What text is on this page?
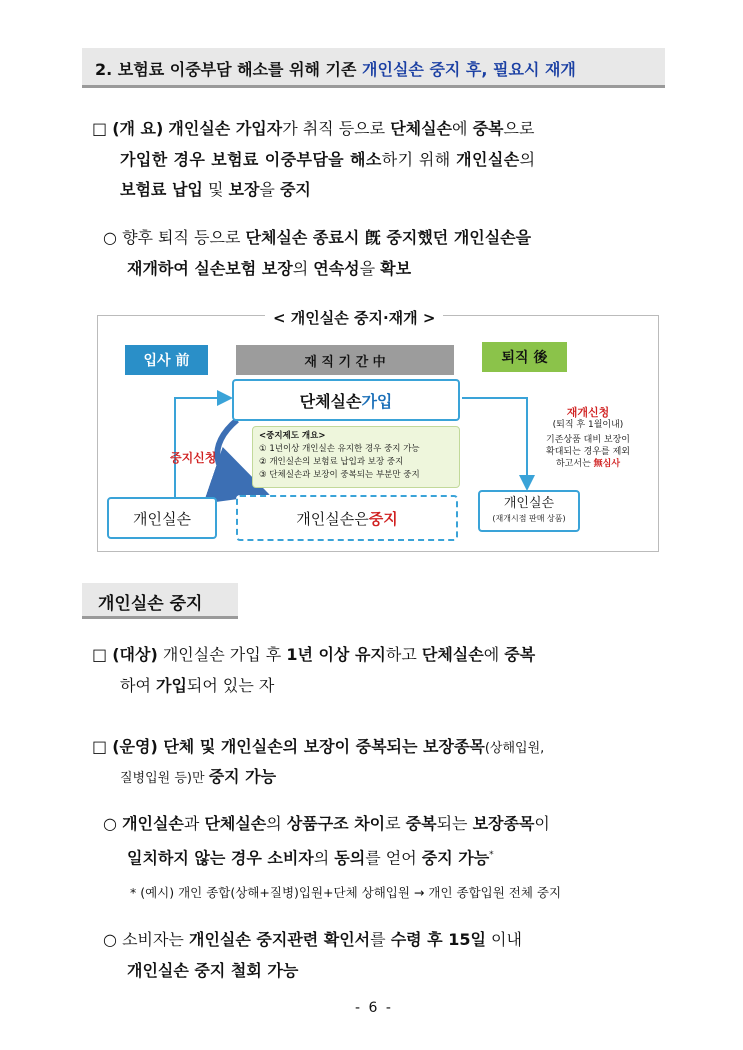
2. 보험료 이중부담 해소를 위해 기존 개인실손 중지 후, 필요시 재개
□ (개 요) 개인실손 가입자가 취직 등으로 단체실손에 중복으로
가입한 경우 보험료 이중부담을 해소하기 위해 개인실손의
보험료 납입 및 보장을 중지
○ 향후 퇴직 등으로 단체실손 종료시 旣 중지했던 개인실손을
재개하여 실손보험 보장의 연속성을 확보
< 개인실손 중지·재개 >
입사 前	재 직 기 간 中	퇴직 後
단체실손 가입
중지신청
<중지제도 개요>
① 1년이상 개인실손 유지한 경우 중지 가능
② 개인실손의 보험료 납입과 보장 중지
③ 단체실손과 보장이 중복되는 부분만 중지
재개신청
(퇴직 후 1월이내)
기존상품 대비 보장이
확대되는 경우를 제외
하고서는 無심사
개인실손	개인실손은 중지
개인실손
(재개시점 판매 상품)
개인실손 중지
□ (대상) 개인실손 가입 후 1년 이상 유지하고 단체실손에 중복
하여 가입되어 있는 자
□ (운영) 단체 및 개인실손의 보장이 중복되는 보장종목(상해입원,
질병입원 등)만 중지 가능
○ 개인실손과 단체실손의 상품구조 차이로 중복되는 보장종목이
일치하지 않는 경우 소비자의 동의를 얻어 중지 가능*
* (예시) 개인 종합(상해+질병)입원+단체 상해입원 → 개인 종합입원 전체 중지
○ 소비자는 개인실손 중지관련 확인서를 수령 후 15일 이내
개인실손 중지 철회 가능
- 6 -
